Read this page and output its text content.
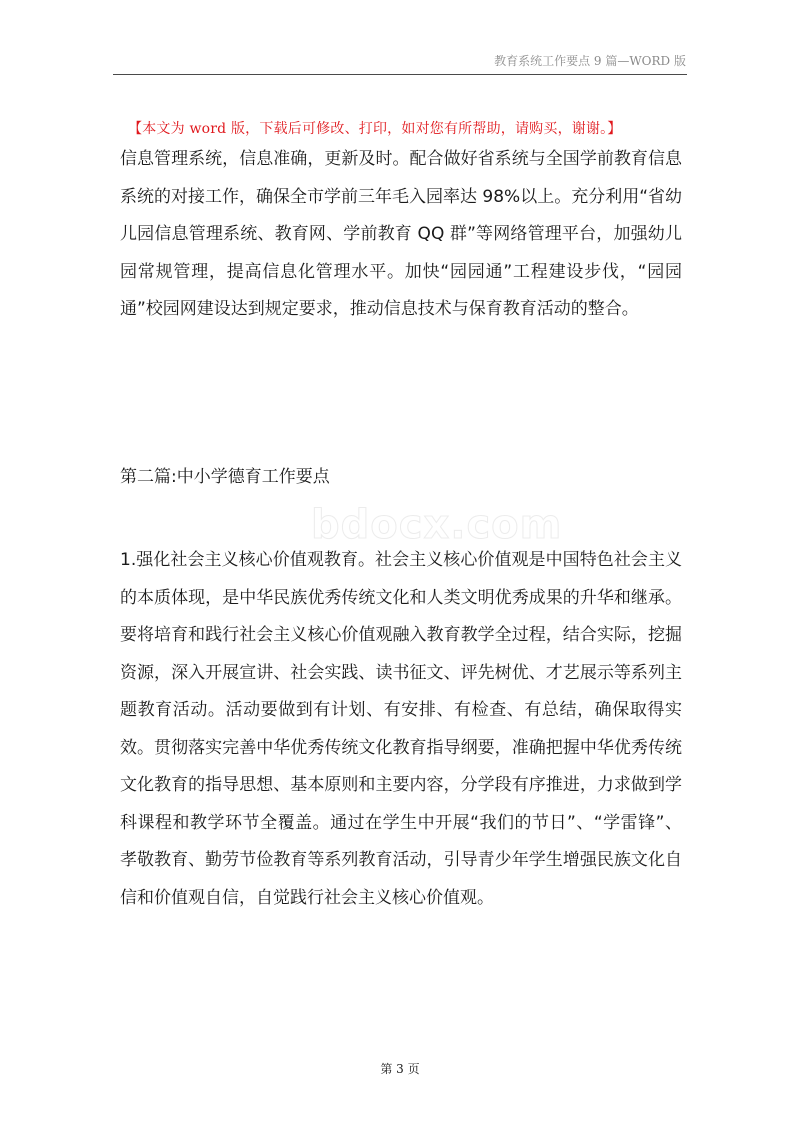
教育系统工作要点 9 篇—WORD 版
【本文为 word 版，下载后可修改、打印，如对您有所帮助，请购买，谢谢。】
信息管理系统，信息准确，更新及时。配合做好省系统与全国学前教育信息系统的对接工作，确保全市学前三年毛入园率达 98%以上。充分利用“省幼儿园信息管理系统、教育网、学前教育 QQ 群”等网络管理平台，加强幼儿园常规管理，提高信息化管理水平。加快“园园通”工程建设步伐，“园园通”校园网建设达到规定要求，推动信息技术与保育教育活动的整合。
第二篇:中小学德育工作要点
bdocx.com
1.强化社会主义核心价值观教育。社会主义核心价值观是中国特色社会主义的本质体现，是中华民族优秀传统文化和人类文明优秀成果的升华和继承。要将培育和践行社会主义核心价值观融入教育教学全过程，结合实际，挖掘资源，深入开展宣讲、社会实践、读书征文、评先树优、才艺展示等系列主题教育活动。活动要做到有计划、有安排、有检查、有总结，确保取得实效。贯彻落实完善中华优秀传统文化教育指导纲要，准确把握中华优秀传统文化教育的指导思想、基本原则和主要内容，分学段有序推进，力求做到学科课程和教学环节全覆盖。通过在学生中开展“我们的节日”、“学雷锋”、孝敬教育、勤劳节俭教育等系列教育活动，引导青少年学生增强民族文化自信和价值观自信，自觉践行社会主义核心价值观。
第 3 页
